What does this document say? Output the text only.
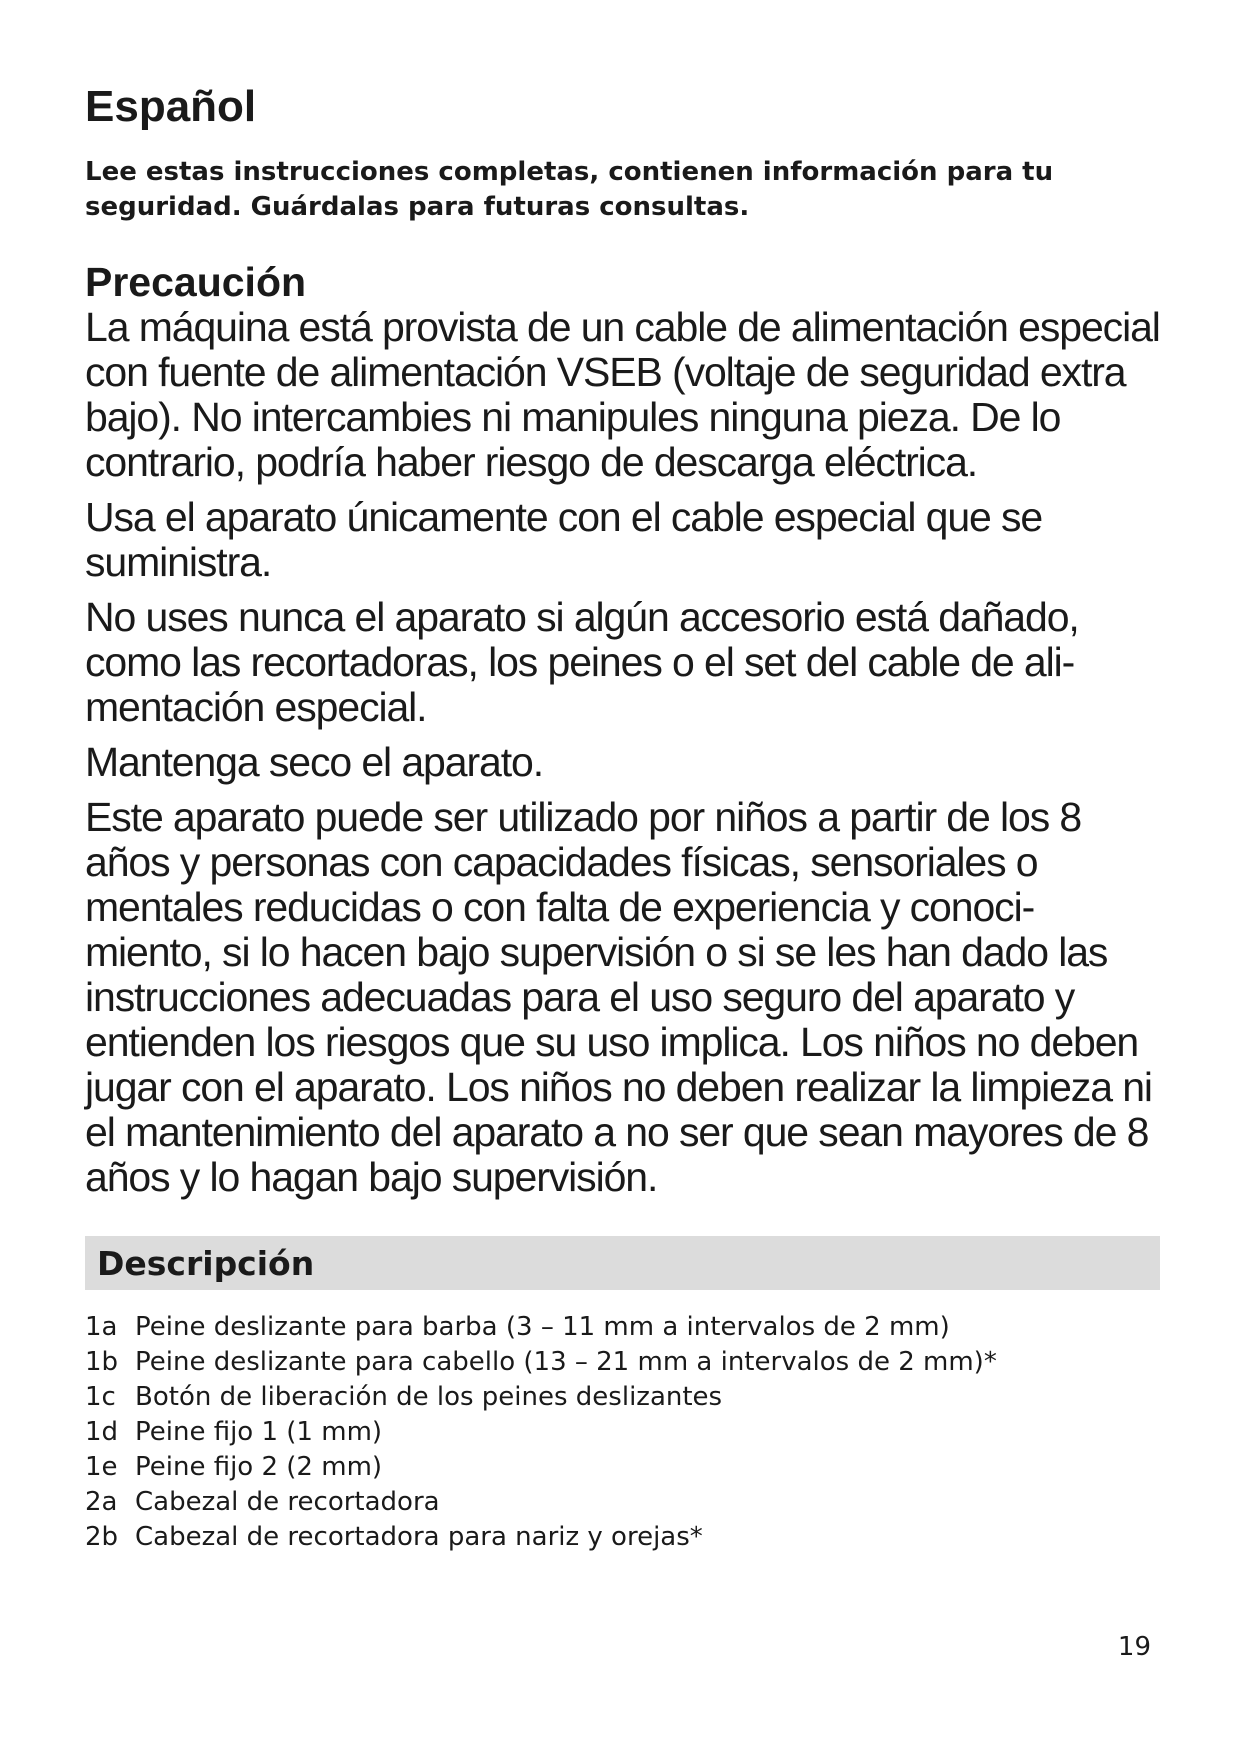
Español

Lee estas instrucciones completas, contienen información para tu seguridad. Guárdalas para futuras consultas.

Precaución

La máquina está provista de un cable de alimentación especial con fuente de alimentación VSEB (voltaje de seguridad extra bajo). No intercambies ni manipules ninguna pieza. De lo contrario, podría haber riesgo de descarga eléctrica.

Usa el aparato únicamente con el cable especial que se suministra.

No uses nunca el aparato si algún accesorio está dañado, como las recortadoras, los peines o el set del cable de ali- mentación especial.

Mantenga seco el aparato.

Este aparato puede ser utilizado por niños a partir de los 8 años y personas con capacidades físicas, sensoriales o mentales reducidas o con falta de experiencia y conoci- miento, si lo hacen bajo supervisión o si se les han dado las instrucciones adecuadas para el uso seguro del aparato y entienden los riesgos que su uso implica. Los niños no deben jugar con el aparato. Los niños no deben realizar la limpieza ni el mantenimiento del aparato a no ser que sean mayores de 8 años y lo hagan bajo supervisión.

Descripción
1a Peine deslizante para barba (3 – 11 mm a intervalos de 2 mm)
1b Peine deslizante para cabello (13 – 21 mm a intervalos de 2 mm)*
1c Botón de liberación de los peines deslizantes
1d Peine fijo 1 (1 mm)
1e Peine fijo 2 (2 mm)
2a Cabezal de recortadora
2b Cabezal de recortadora para nariz y orejas*
19
